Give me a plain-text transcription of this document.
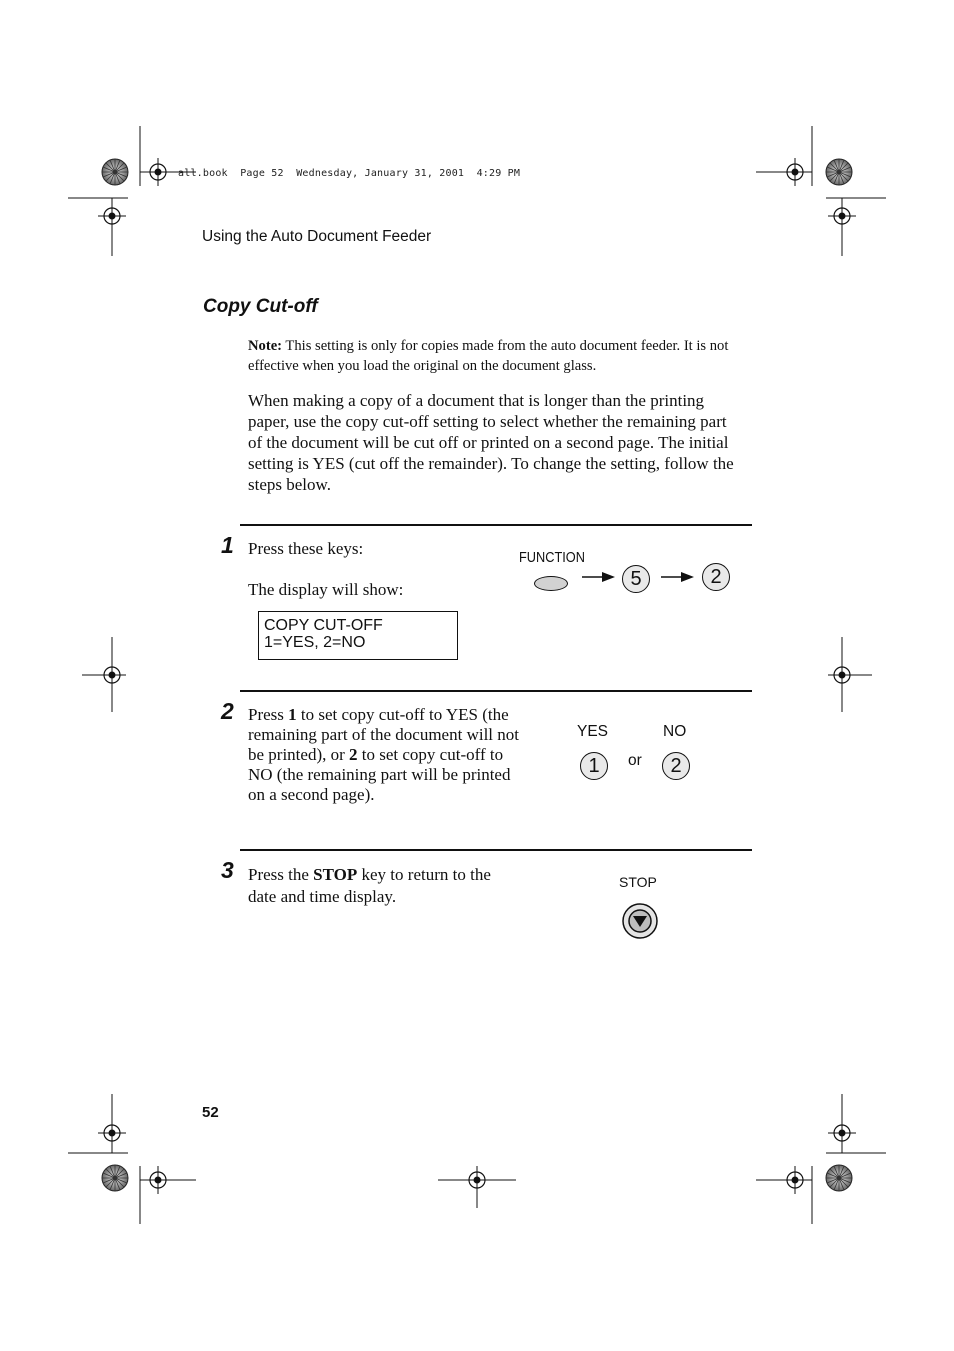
all.book  Page 52  Wednesday, January 31, 2001  4:29 PM
Using the Auto Document Feeder
Copy Cut-off
Note: This setting is only for copies made from the auto document feeder. It is not effective when you load the original on the document glass.
When making a copy of a document that is longer than the printing paper, use the copy cut-off setting to select whether the remaining part of the document will be cut off or printed on a second page. The initial setting is YES (cut off the remainder). To change the setting, follow the steps below.
1 Press these keys:
The display will show:
COPY CUT-OFF
1=YES, 2=NO
FUNCTION
5	2
2 Press 1 to set copy cut-off to YES (the remaining part of the document will not be printed), or 2 to set copy cut-off to NO (the remaining part will be printed on a second page).
YES	NO
1	or	2
3 Press the STOP key to return to the date and time display.
STOP
52
